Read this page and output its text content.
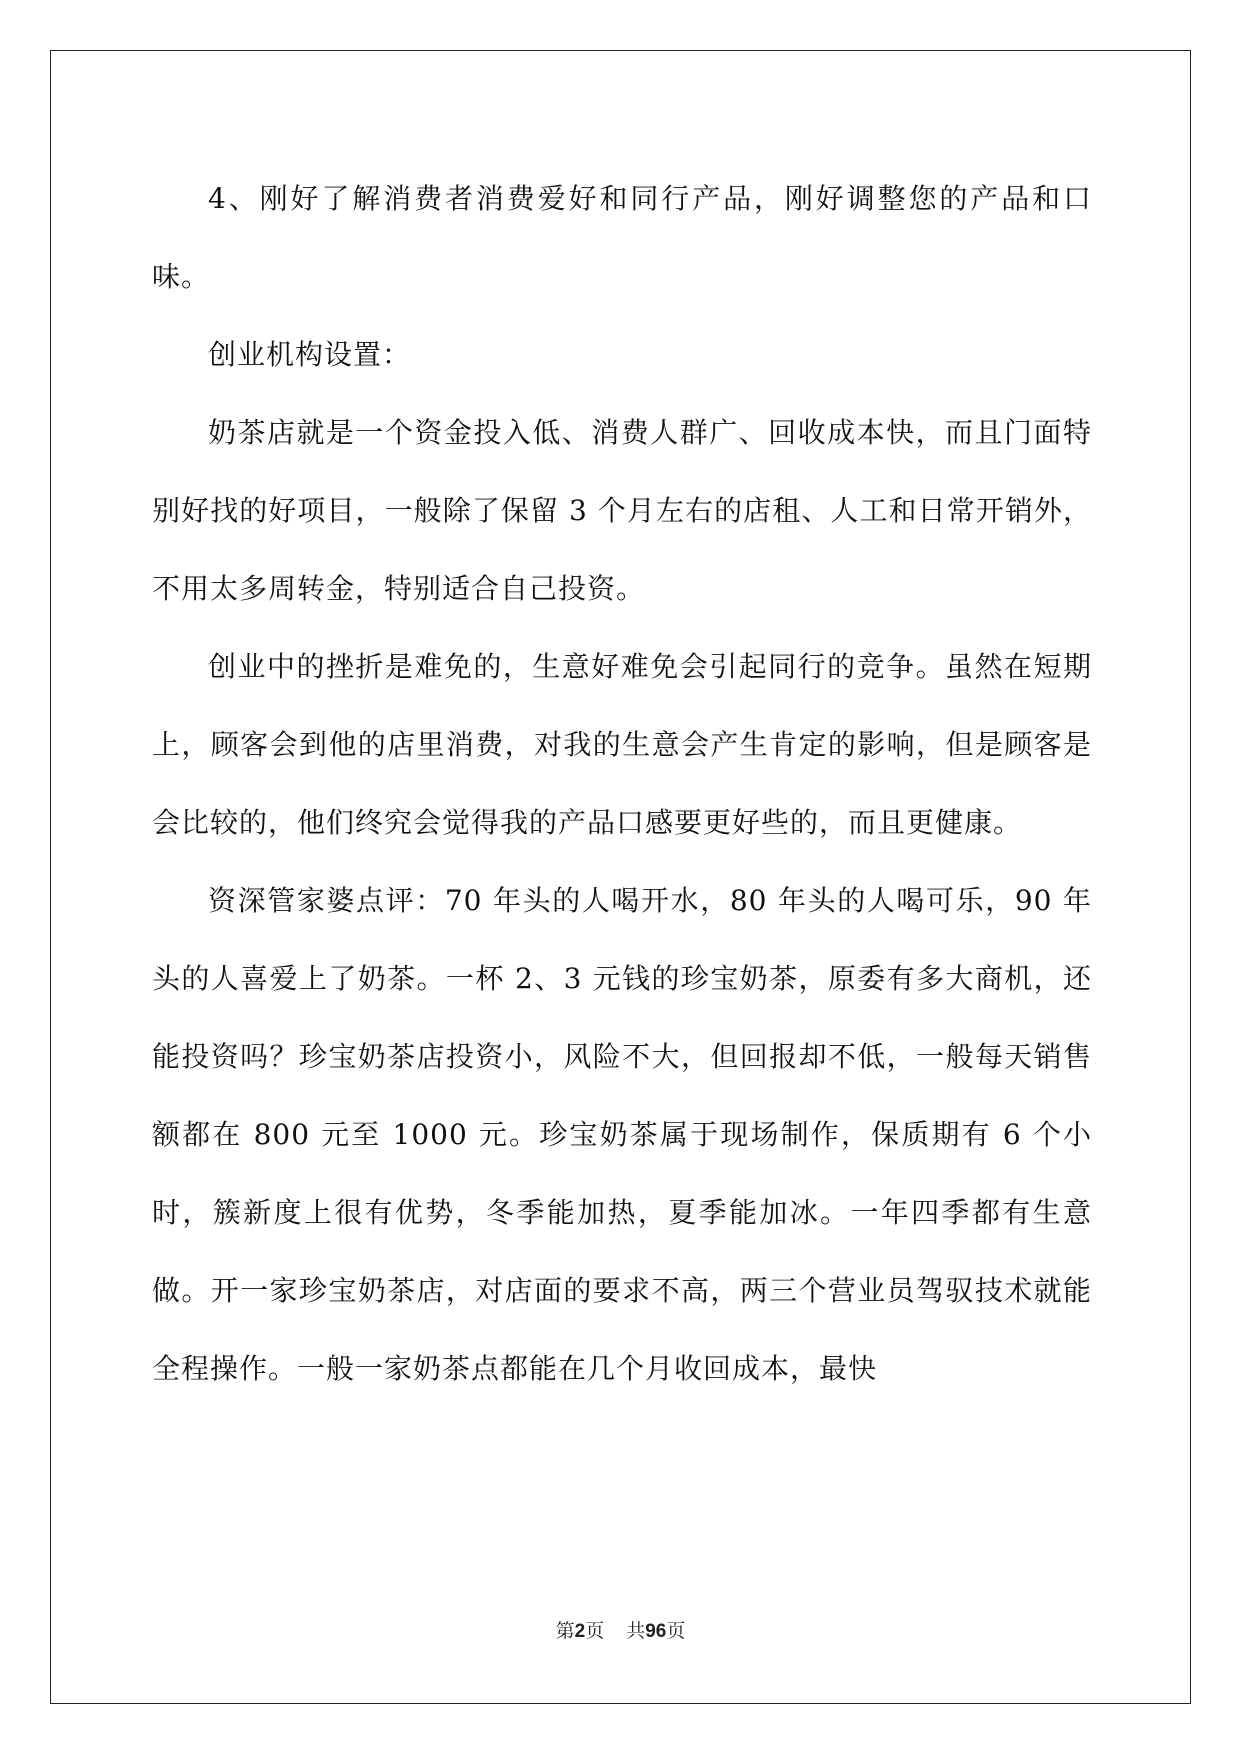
4、刚好了解消费者消费爱好和同行产品，刚好调整您的产品和口味。

创业机构设置：

奶茶店就是一个资金投入低、消费人群广、回收成本快，而且门面特别好找的好项目，一般除了保留 3 个月左右的店租、人工和日常开销外，不用太多周转金，特别适合自己投资。

创业中的挫折是难免的，生意好难免会引起同行的竞争。虽然在短期上，顾客会到他的店里消费，对我的生意会产生肯定的影响，但是顾客是会比较的，他们终究会觉得我的产品口感要更好些的，而且更健康。

资深管家婆点评：70 年头的人喝开水，80 年头的人喝可乐，90 年头的人喜爱上了奶茶。一杯 2、3 元钱的珍宝奶茶，原委有多大商机，还能投资吗？珍宝奶茶店投资小，风险不大，但回报却不低，一般每天销售额都在 800 元至 1000 元。珍宝奶茶属于现场制作，保质期有 6 个小时，簇新度上很有优势，冬季能加热，夏季能加冰。一年四季都有生意做。开一家珍宝奶茶店，对店面的要求不高，两三个营业员驾驭技术就能全程操作。一般一家奶茶点都能在几个月收回成本，最快

第2页 共96页
